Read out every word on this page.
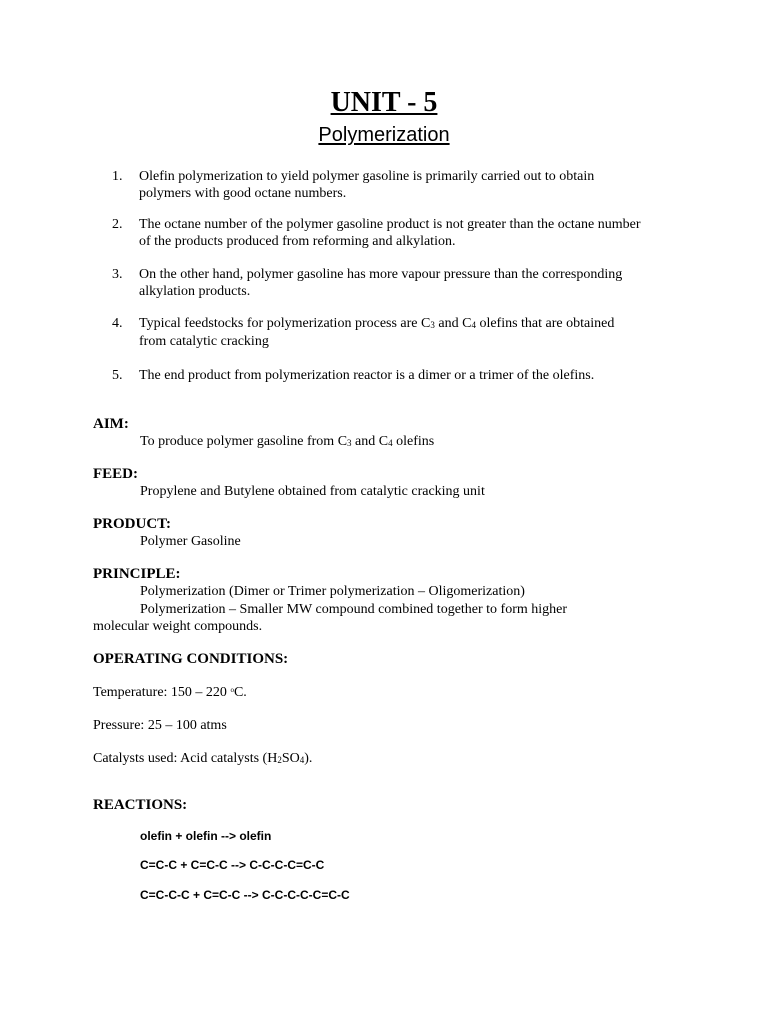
UNIT - 5
Polymerization
1. Olefin polymerization to yield polymer gasoline is primarily carried out to obtain
polymers with good octane numbers.
2. The octane number of the polymer gasoline product is not greater than the octane number
of the products produced from reforming and alkylation.
3. On the other hand, polymer gasoline has more vapour pressure than the corresponding
alkylation products.
4. Typical feedstocks for polymerization process are $C_3$ and $C_4$ olefins that are obtained
from catalytic cracking
5. The end product from polymerization reactor is a dimer or a trimer of the olefins.
AIM:
To produce polymer gasoline from $C_3$ and $C_4$ olefins
FEED:
Propylene and Butylene obtained from catalytic cracking unit
PRODUCT:
Polymer Gasoline
PRINCIPLE:
Polymerization (Dimer or Trimer polymerization – Oligomerization)
Polymerization – Smaller MW compound combined together to form higher
molecular weight compounds.
OPERATING CONDITIONS:
Temperature: 150 – 220 $^o$C.
Pressure: 25 – 100 atms
Catalysts used: Acid catalysts $(H_2SO_4)$.
REACTIONS:
olefin + olefin --> olefin
C=C-C + C=C-C --> C-C-C-C=C-C
C=C-C-C + C=C-C --> C-C-C-C-C=C-C
